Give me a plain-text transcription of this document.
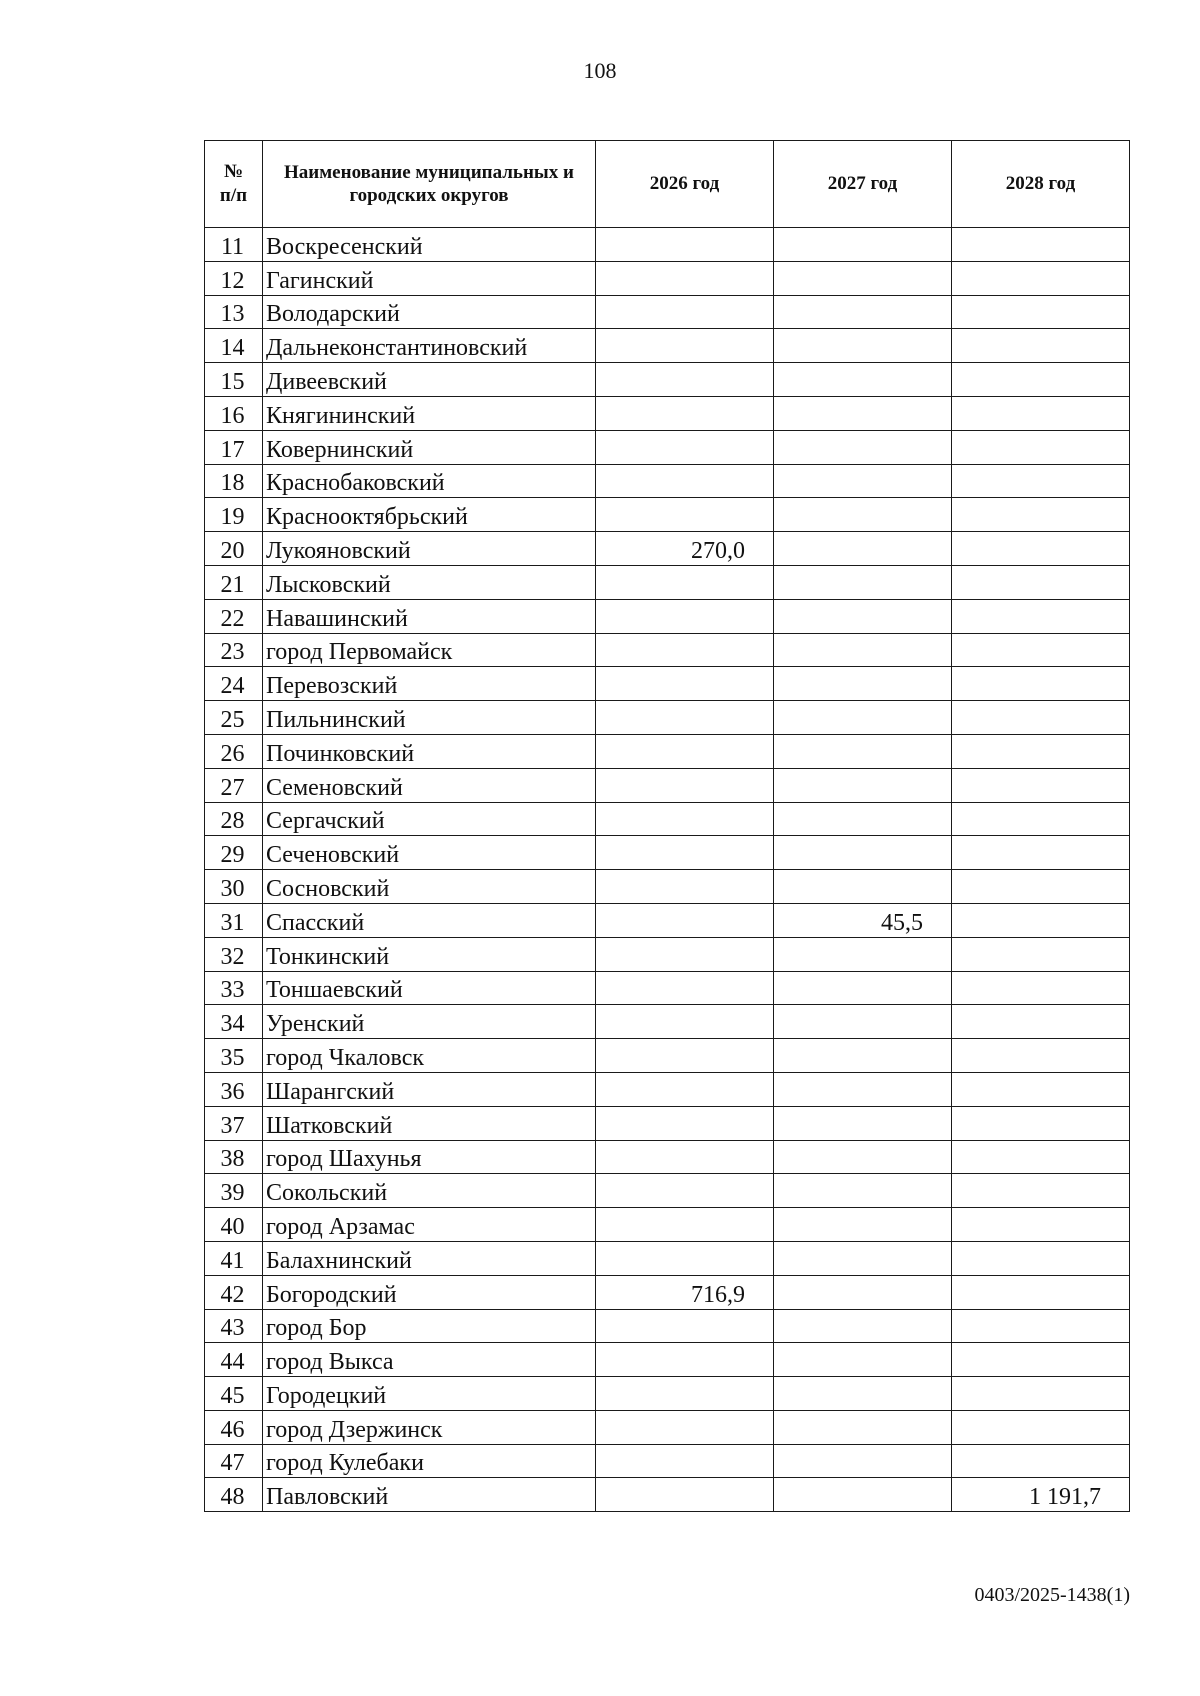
108
№
п/п	Наименование муниципальных и городских округов	2026 год	2027 год	2028 год
11	Воскресенский			
12	Гагинский			
13	Володарский			
14	Дальнеконстантиновский			
15	Дивеевский			
16	Княгининский			
17	Ковернинский			
18	Краснобаковский			
19	Краснооктябрьский			
20	Лукояновский	270,0		
21	Лысковский			
22	Навашинский			
23	город Первомайск			
24	Перевозский			
25	Пильнинский			
26	Починковский			
27	Семеновский			
28	Сергачский			
29	Сеченовский			
30	Сосновский			
31	Спасский		45,5	
32	Тонкинский			
33	Тоншаевский			
34	Уренский			
35	город Чкаловск			
36	Шарангский			
37	Шатковский			
38	город Шахунья			
39	Сокольский			
40	город Арзамас			
41	Балахнинский			
42	Богородский	716,9		
43	город Бор			
44	город Выкса			
45	Городецкий			
46	город Дзержинск			
47	город Кулебаки			
48	Павловский			1 191,7
0403/2025-1438(1)
